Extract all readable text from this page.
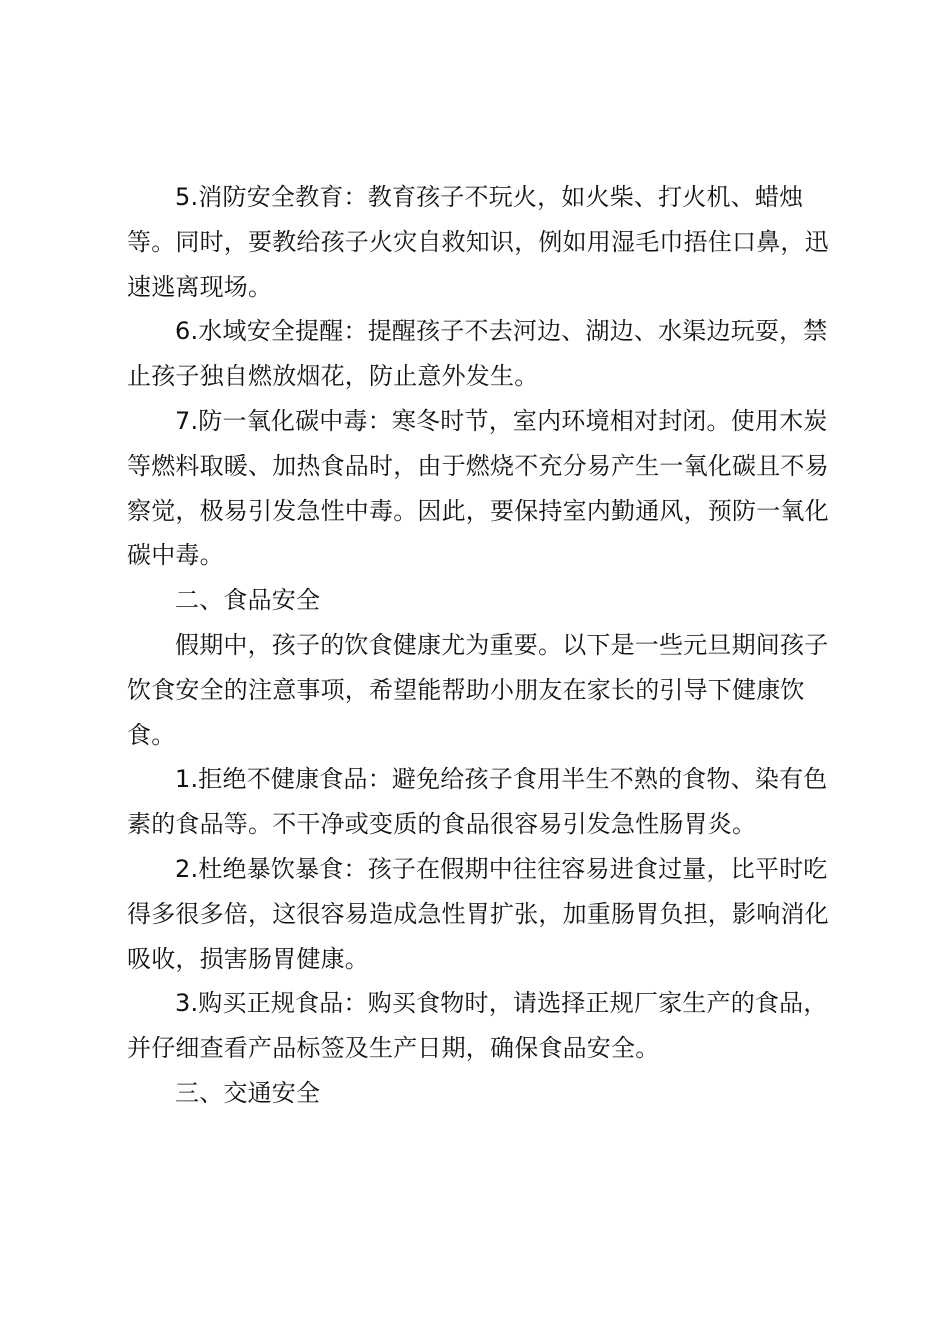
5.消防安全教育：教育孩子不玩火，如火柴、打火机、蜡烛等。同时，要教给孩子火灾自救知识，例如用湿毛巾捂住口鼻，迅速逃离现场。

6.水域安全提醒：提醒孩子不去河边、湖边、水渠边玩耍，禁止孩子独自燃放烟花，防止意外发生。

7.防一氧化碳中毒：寒冬时节，室内环境相对封闭。使用木炭等燃料取暖、加热食品时，由于燃烧不充分易产生一氧化碳且不易察觉，极易引发急性中毒。因此，要保持室内勤通风，预防一氧化碳中毒。

二、食品安全

假期中，孩子的饮食健康尤为重要。以下是一些元旦期间孩子饮食安全的注意事项，希望能帮助小朋友在家长的引导下健康饮食。

1.拒绝不健康食品：避免给孩子食用半生不熟的食物、染有色素的食品等。不干净或变质的食品很容易引发急性肠胃炎。

2.杜绝暴饮暴食：孩子在假期中往往容易进食过量，比平时吃得多很多倍，这很容易造成急性胃扩张，加重肠胃负担，影响消化吸收，损害肠胃健康。

3.购买正规食品：购买食物时，请选择正规厂家生产的食品，并仔细查看产品标签及生产日期，确保食品安全。

三、交通安全
